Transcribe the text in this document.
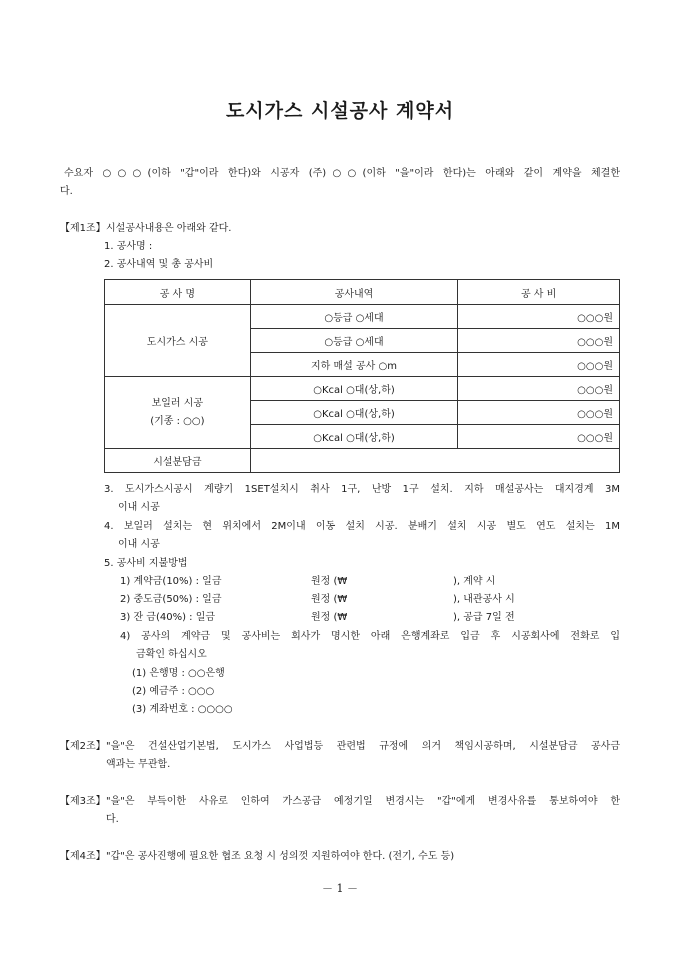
도시가스 시설공사 계약서
수요자 ○○○(이하 "갑"이라 한다)와 시공자 (주)○○(이하 "을"이라 한다)는 아래와 같이 계약을 체결한
다.
【제1조】 시설공사내용은 아래와 같다.
1. 공사명 :
2. 공사내역 및 총 공사비
공 사 명	공사내역	공 사 비
도시가스 시공	○등급 ○세대	○○○원
	○등급 ○세대	○○○원
	지하 매설 공사 ○m	○○○원

보일러 시공
(기종 : ○○)	○Kcal ○대(상,하)	○○○원
	○Kcal ○대(상,하)	○○○원
	○Kcal ○대(상,하)	○○○원
시설분담금		
3. 도시가스시공시 계량기 1SET설치시 취사 1구, 난방 1구 설치. 지하 매설공사는 대지경계 3M
이내 시공
4. 보일러 설치는 현 위치에서 2M이내 이동 설치 시공. 분배기 설치 시공 별도 연도 설치는 1M
이내 시공
5. 공사비 지불방법
1) 계약금(10%) : 일금	원정 (₩	), 계약 시
2) 중도금(50%) : 일금	원정 (₩	), 내관공사 시
3) 잔 금(40%) : 일금	원정 (₩	), 공급 7일 전
4) 공사의 계약금 및 공사비는 회사가 명시한 아래 은행계좌로 입금 후 시공회사에 전화로 입
금확인 하십시오
(1) 은행명 : ○○은행
(2) 예금주 : ○○○
(3) 계좌번호 : ○○○○
【제2조】 "을"은 건설산업기본법, 도시가스 사업법등 관련법 규정에 의거 책임시공하며, 시설분담금 공사금
액과는 무관함.
【제3조】 "을"은 부득이한 사유로 인하여 가스공급 예정기일 변경시는 "갑"에게 변경사유를 통보하여야 한
다.
【제4조】 "갑"은 공사진행에 필요한 협조 요청 시 성의껏 지원하여야 한다. (전기, 수도 등)
－ 1 －
